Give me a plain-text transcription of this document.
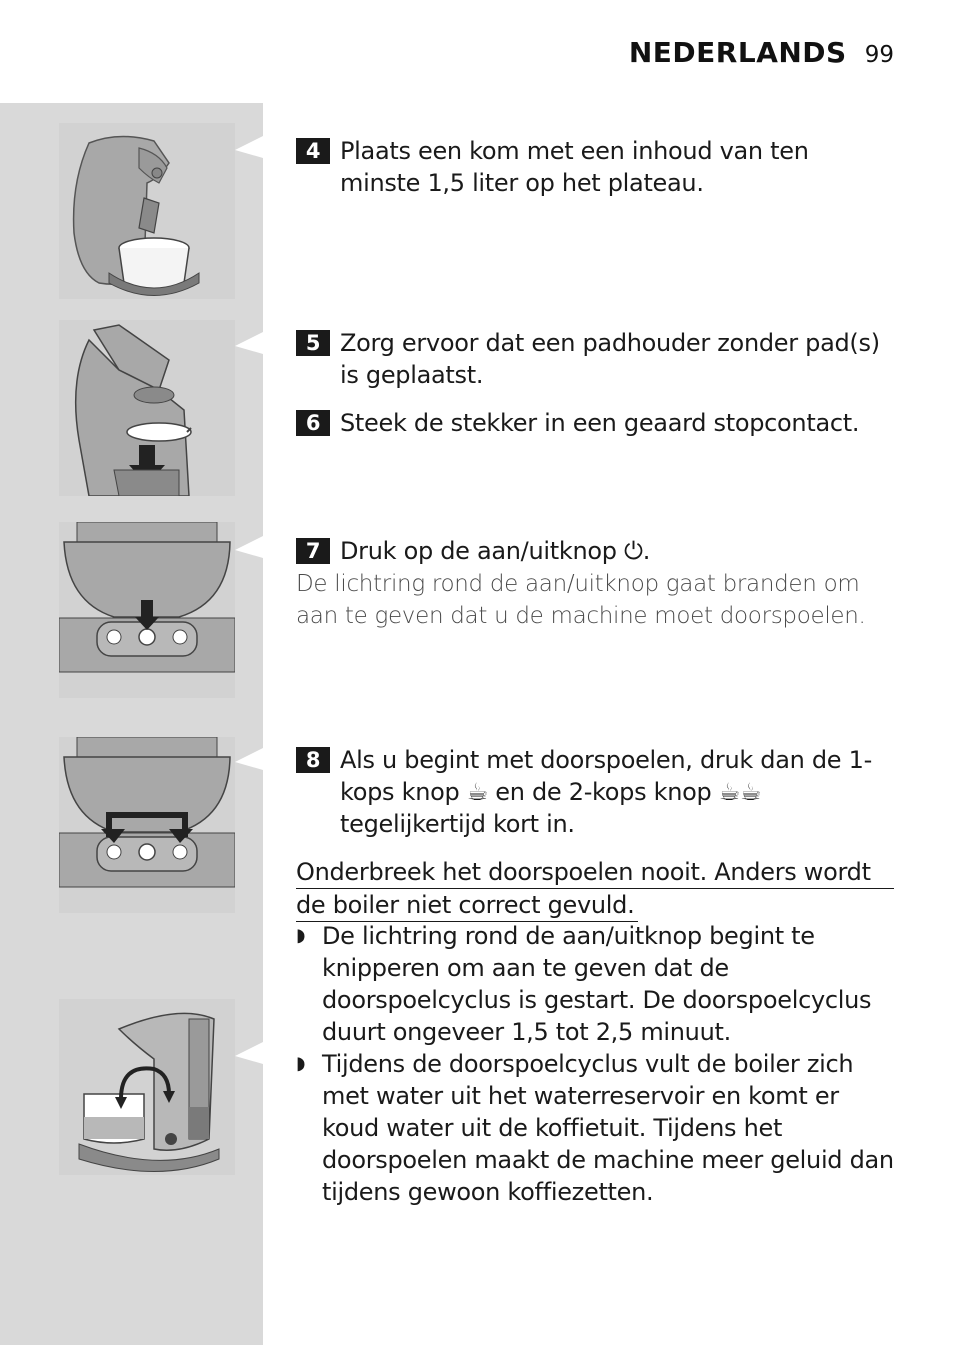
NEDERLANDS 99
4 Plaats een kom met een inhoud van ten minste 1,5 liter op het plateau.
5 Zorg ervoor dat een padhouder zonder pad(s) is geplaatst.
6 Steek de stekker in een geaard stopcontact.
7 Druk op de aan/uitknop ⏻.
De lichtring rond de aan/uitknop gaat branden om aan te geven dat u de machine moet doorspoelen.
8 Als u begint met doorspoelen, druk dan de 1-kops knop ☕ en de 2-kops knop ☕☕ tegelijkertijd kort in.
Onderbreek het doorspoelen nooit. Anders wordt
de boiler niet correct gevuld.
◗ De lichtring rond de aan/uitknop begint te knipperen om aan te geven dat de doorspoelcyclus is gestart. De doorspoelcyclus duurt ongeveer 1,5 tot 2,5 minuut.
◗ Tijdens de doorspoelcyclus vult de boiler zich met water uit het waterreservoir en komt er koud water uit de koffietuit. Tijdens het doorspoelen maakt de machine meer geluid dan tijdens gewoon koffiezetten.
